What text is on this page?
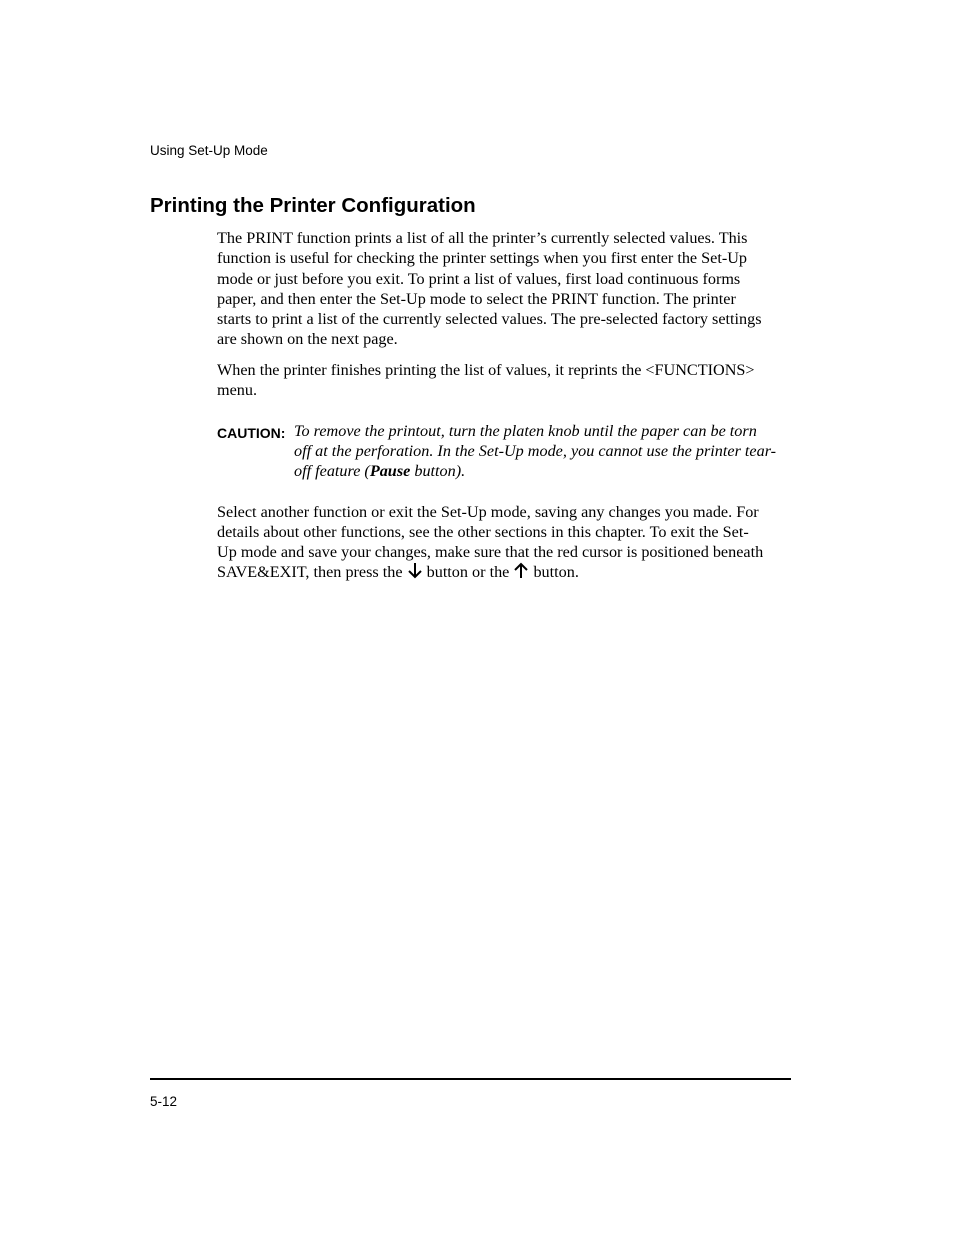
Using Set-Up Mode
Printing the Printer Configuration
The PRINT function prints a list of all the printer’s currently selected values. This
function is useful for checking the printer settings when you first enter the Set-Up
mode or just before you exit. To print a list of values, first load continuous forms
paper, and then enter the Set-Up mode to select the PRINT function. The printer
starts to print a list of the currently selected values. The pre-selected factory settings
are shown on the next page.
When the printer finishes printing the list of values, it reprints the <FUNCTIONS>
menu.
CAUTION: To remove the printout, turn the platen knob until the paper can be torn
off at the perforation. In the Set-Up mode, you cannot use the printer tear-
off feature (Pause button).
Select another function or exit the Set-Up mode, saving any changes you made. For
details about other functions, see the other sections in this chapter. To exit the Set-
Up mode and save your changes, make sure that the red cursor is positioned beneath
SAVE&EXIT, then press the  button or the  button.
5-12
